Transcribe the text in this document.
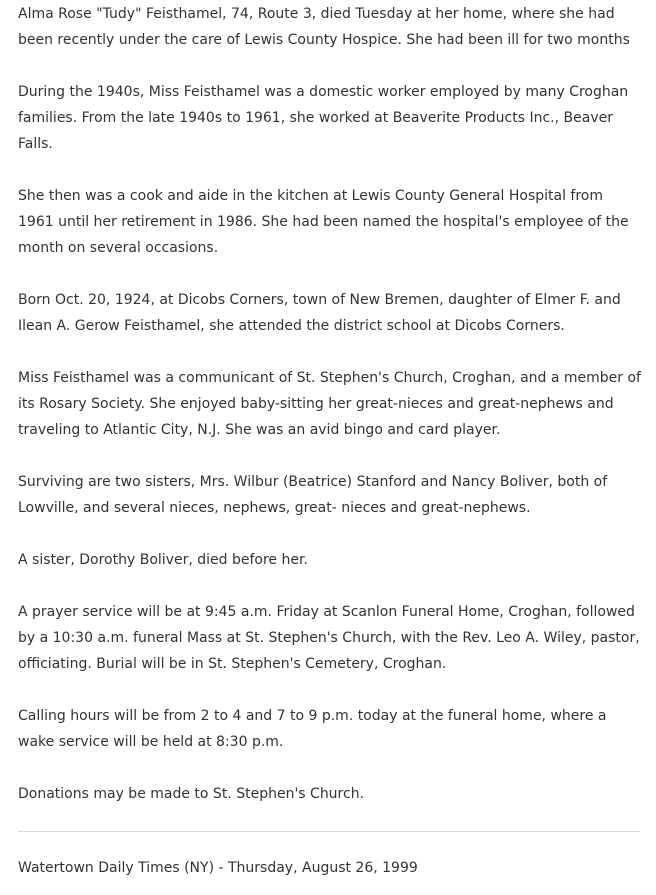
Alma Rose "Tudy" Feisthamel, 74, Route 3, died Tuesday at her home, where she had been recently under the care of Lewis County Hospice. She had been ill for two months

During the 1940s, Miss Feisthamel was a domestic worker employed by many Croghan families. From the late 1940s to 1961, she worked at Beaverite Products Inc., Beaver Falls.

She then was a cook and aide in the kitchen at Lewis County General Hospital from 1961 until her retirement in 1986. She had been named the hospital's employee of the month on several occasions.

Born Oct. 20, 1924, at Dicobs Corners, town of New Bremen, daughter of Elmer F. and Ilean A. Gerow Feisthamel, she attended the district school at Dicobs Corners.

Miss Feisthamel was a communicant of St. Stephen's Church, Croghan, and a member of its Rosary Society. She enjoyed baby-sitting her great-nieces and great-nephews and traveling to Atlantic City, N.J. She was an avid bingo and card player.

Surviving are two sisters, Mrs. Wilbur (Beatrice) Stanford and Nancy Boliver, both of Lowville, and several nieces, nephews, great- nieces and great-nephews.

A sister, Dorothy Boliver, died before her.

A prayer service will be at 9:45 a.m. Friday at Scanlon Funeral Home, Croghan, followed by a 10:30 a.m. funeral Mass at St. Stephen's Church, with the Rev. Leo A. Wiley, pastor, officiating. Burial will be in St. Stephen's Cemetery, Croghan.

Calling hours will be from 2 to 4 and 7 to 9 p.m. today at the funeral home, where a wake service will be held at 8:30 p.m.

Donations may be made to St. Stephen's Church.

Watertown Daily Times (NY) - Thursday, August 26, 1999
